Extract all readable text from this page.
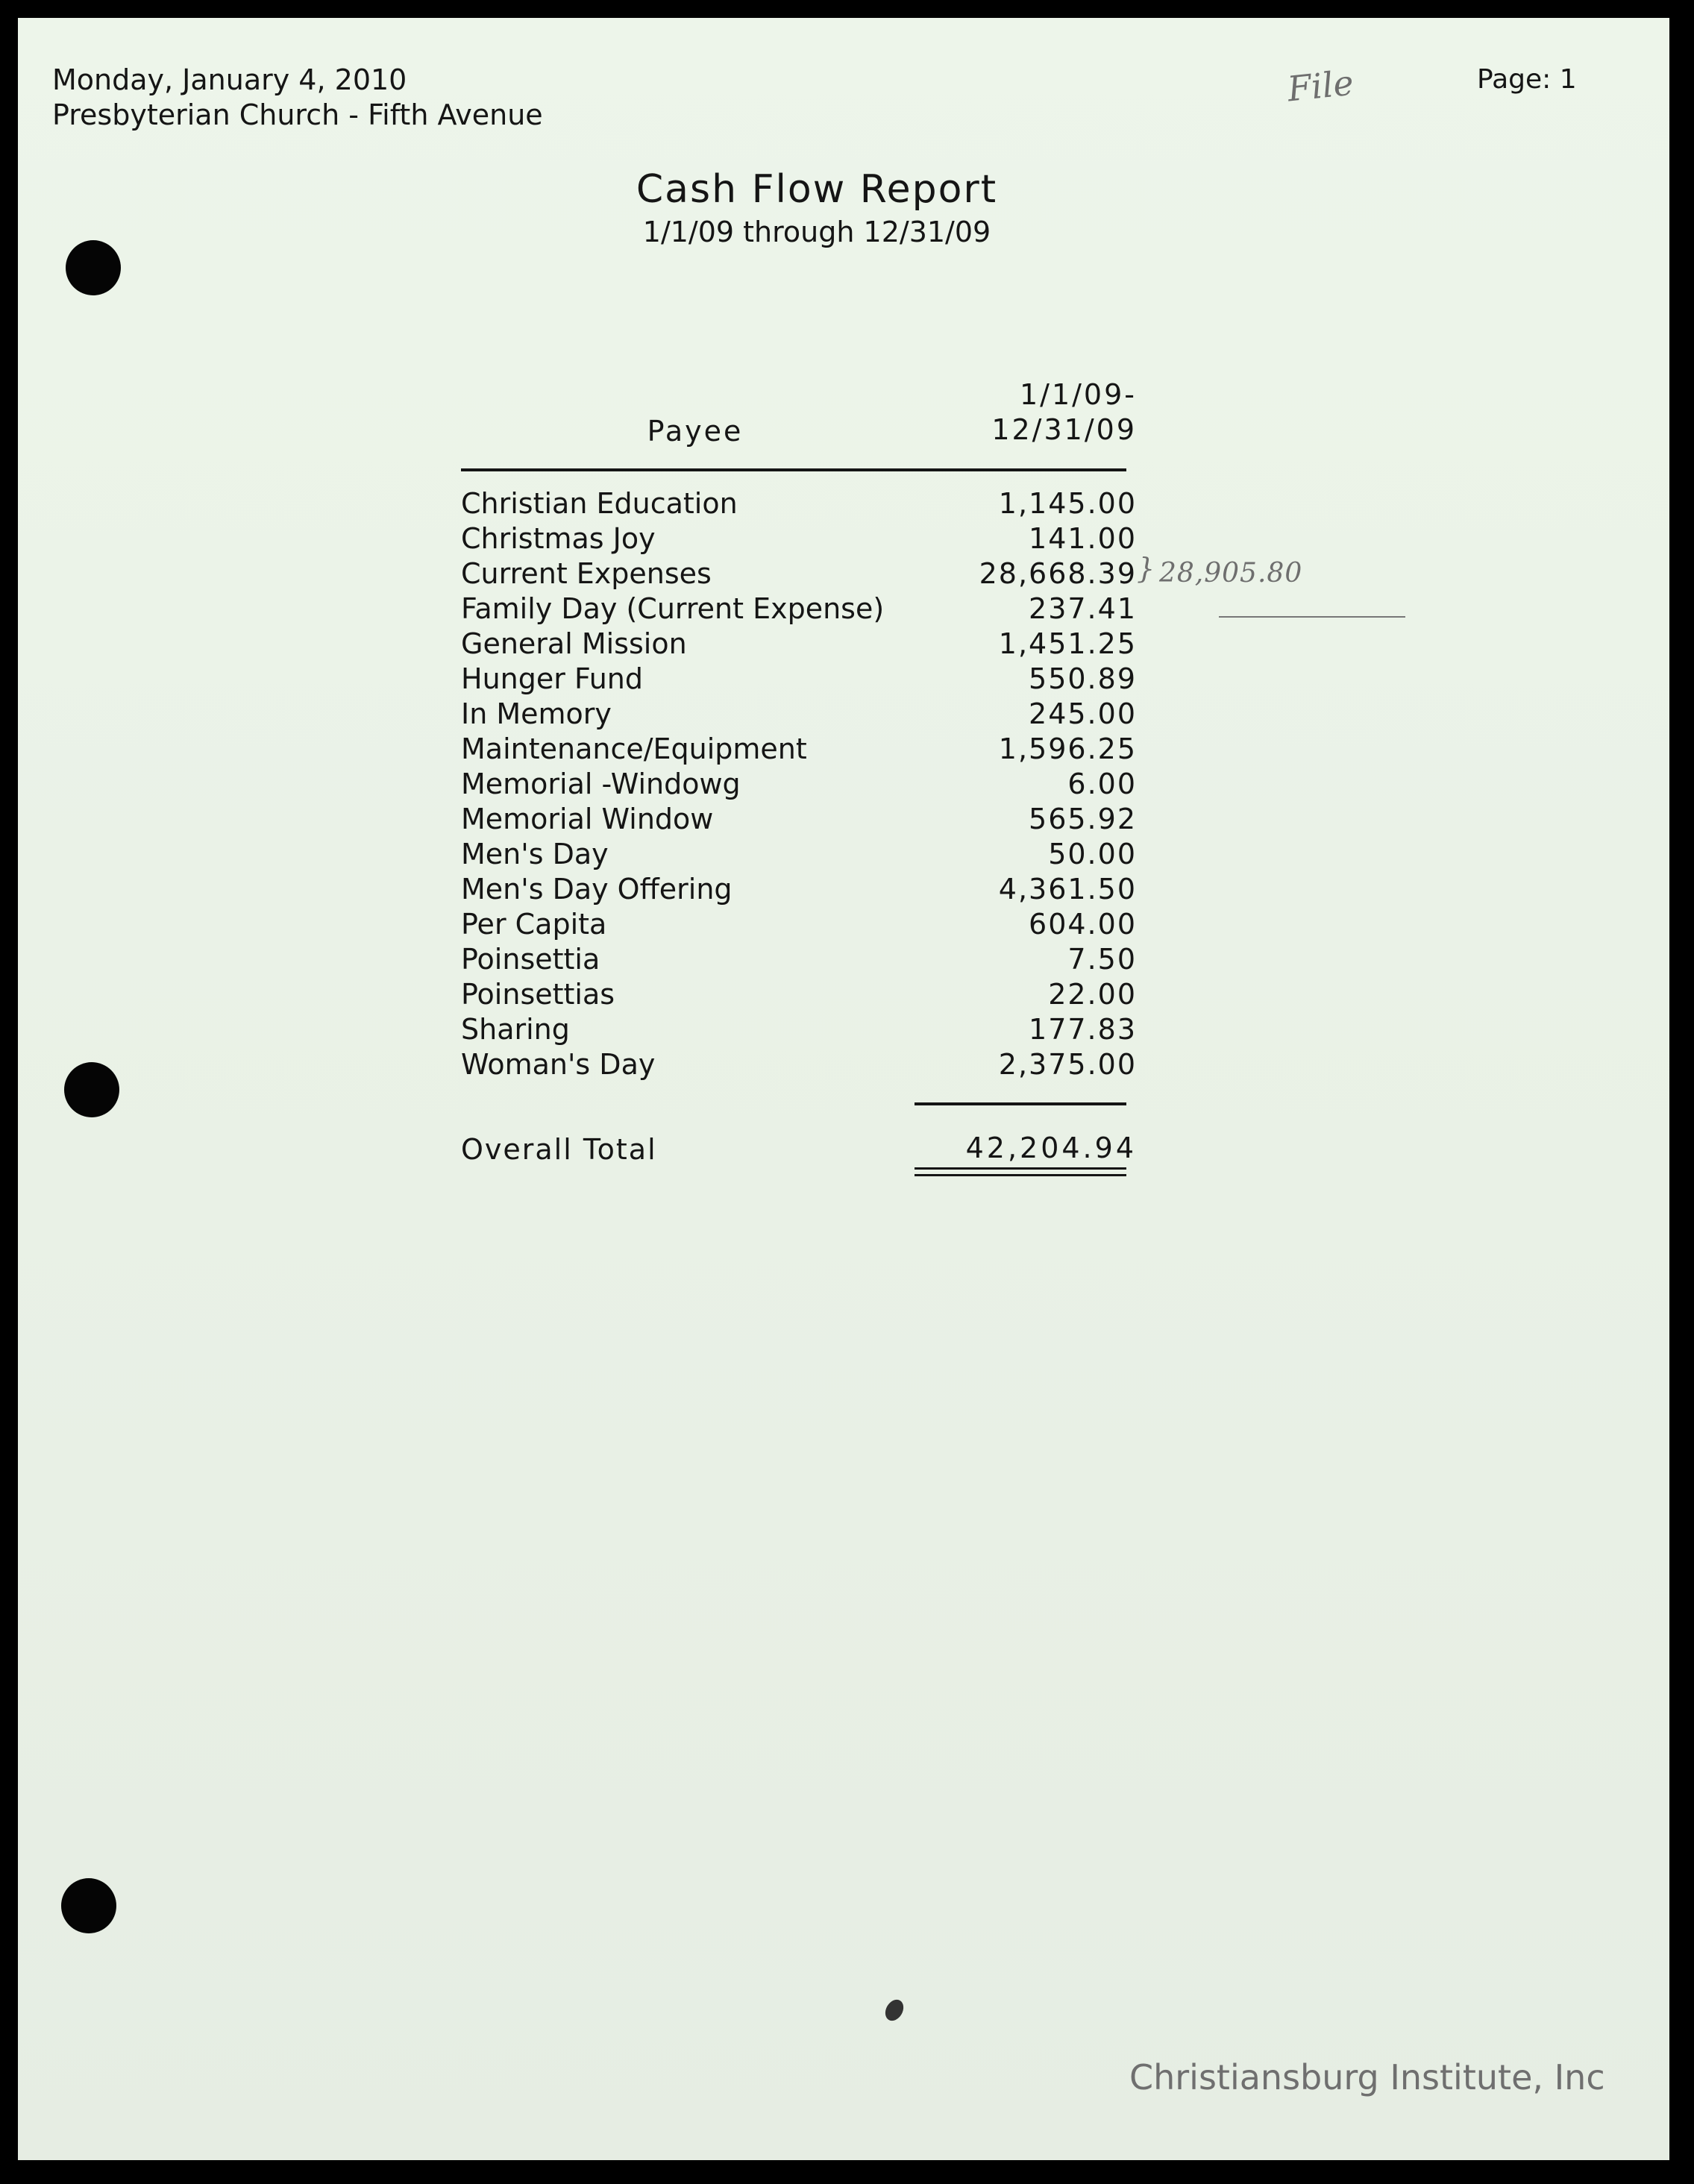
Monday, January 4, 2010
Presbyterian Church - Fifth Avenue
Page: 1
File
Cash Flow Report
1/1/09 through 12/31/09
Payee
1/1/09-
12/31/09
Christian Education	1,145.00
Christmas Joy	141.00
Current Expenses	28,668.39
Family Day (Current Expense)	237.41
General Mission	1,451.25
Hunger Fund	550.89
In Memory	245.00
Maintenance/Equipment	1,596.25
Memorial -Windowg	6.00
Memorial Window	565.92
Men's Day	50.00
Men's Day Offering	4,361.50
Per Capita	604.00
Poinsettia	7.50
Poinsettias	22.00
Sharing	177.83
Woman's Day	2,375.00
Overall Total	42,204.94
} 28,905.80
Christiansburg Institute, Inc
